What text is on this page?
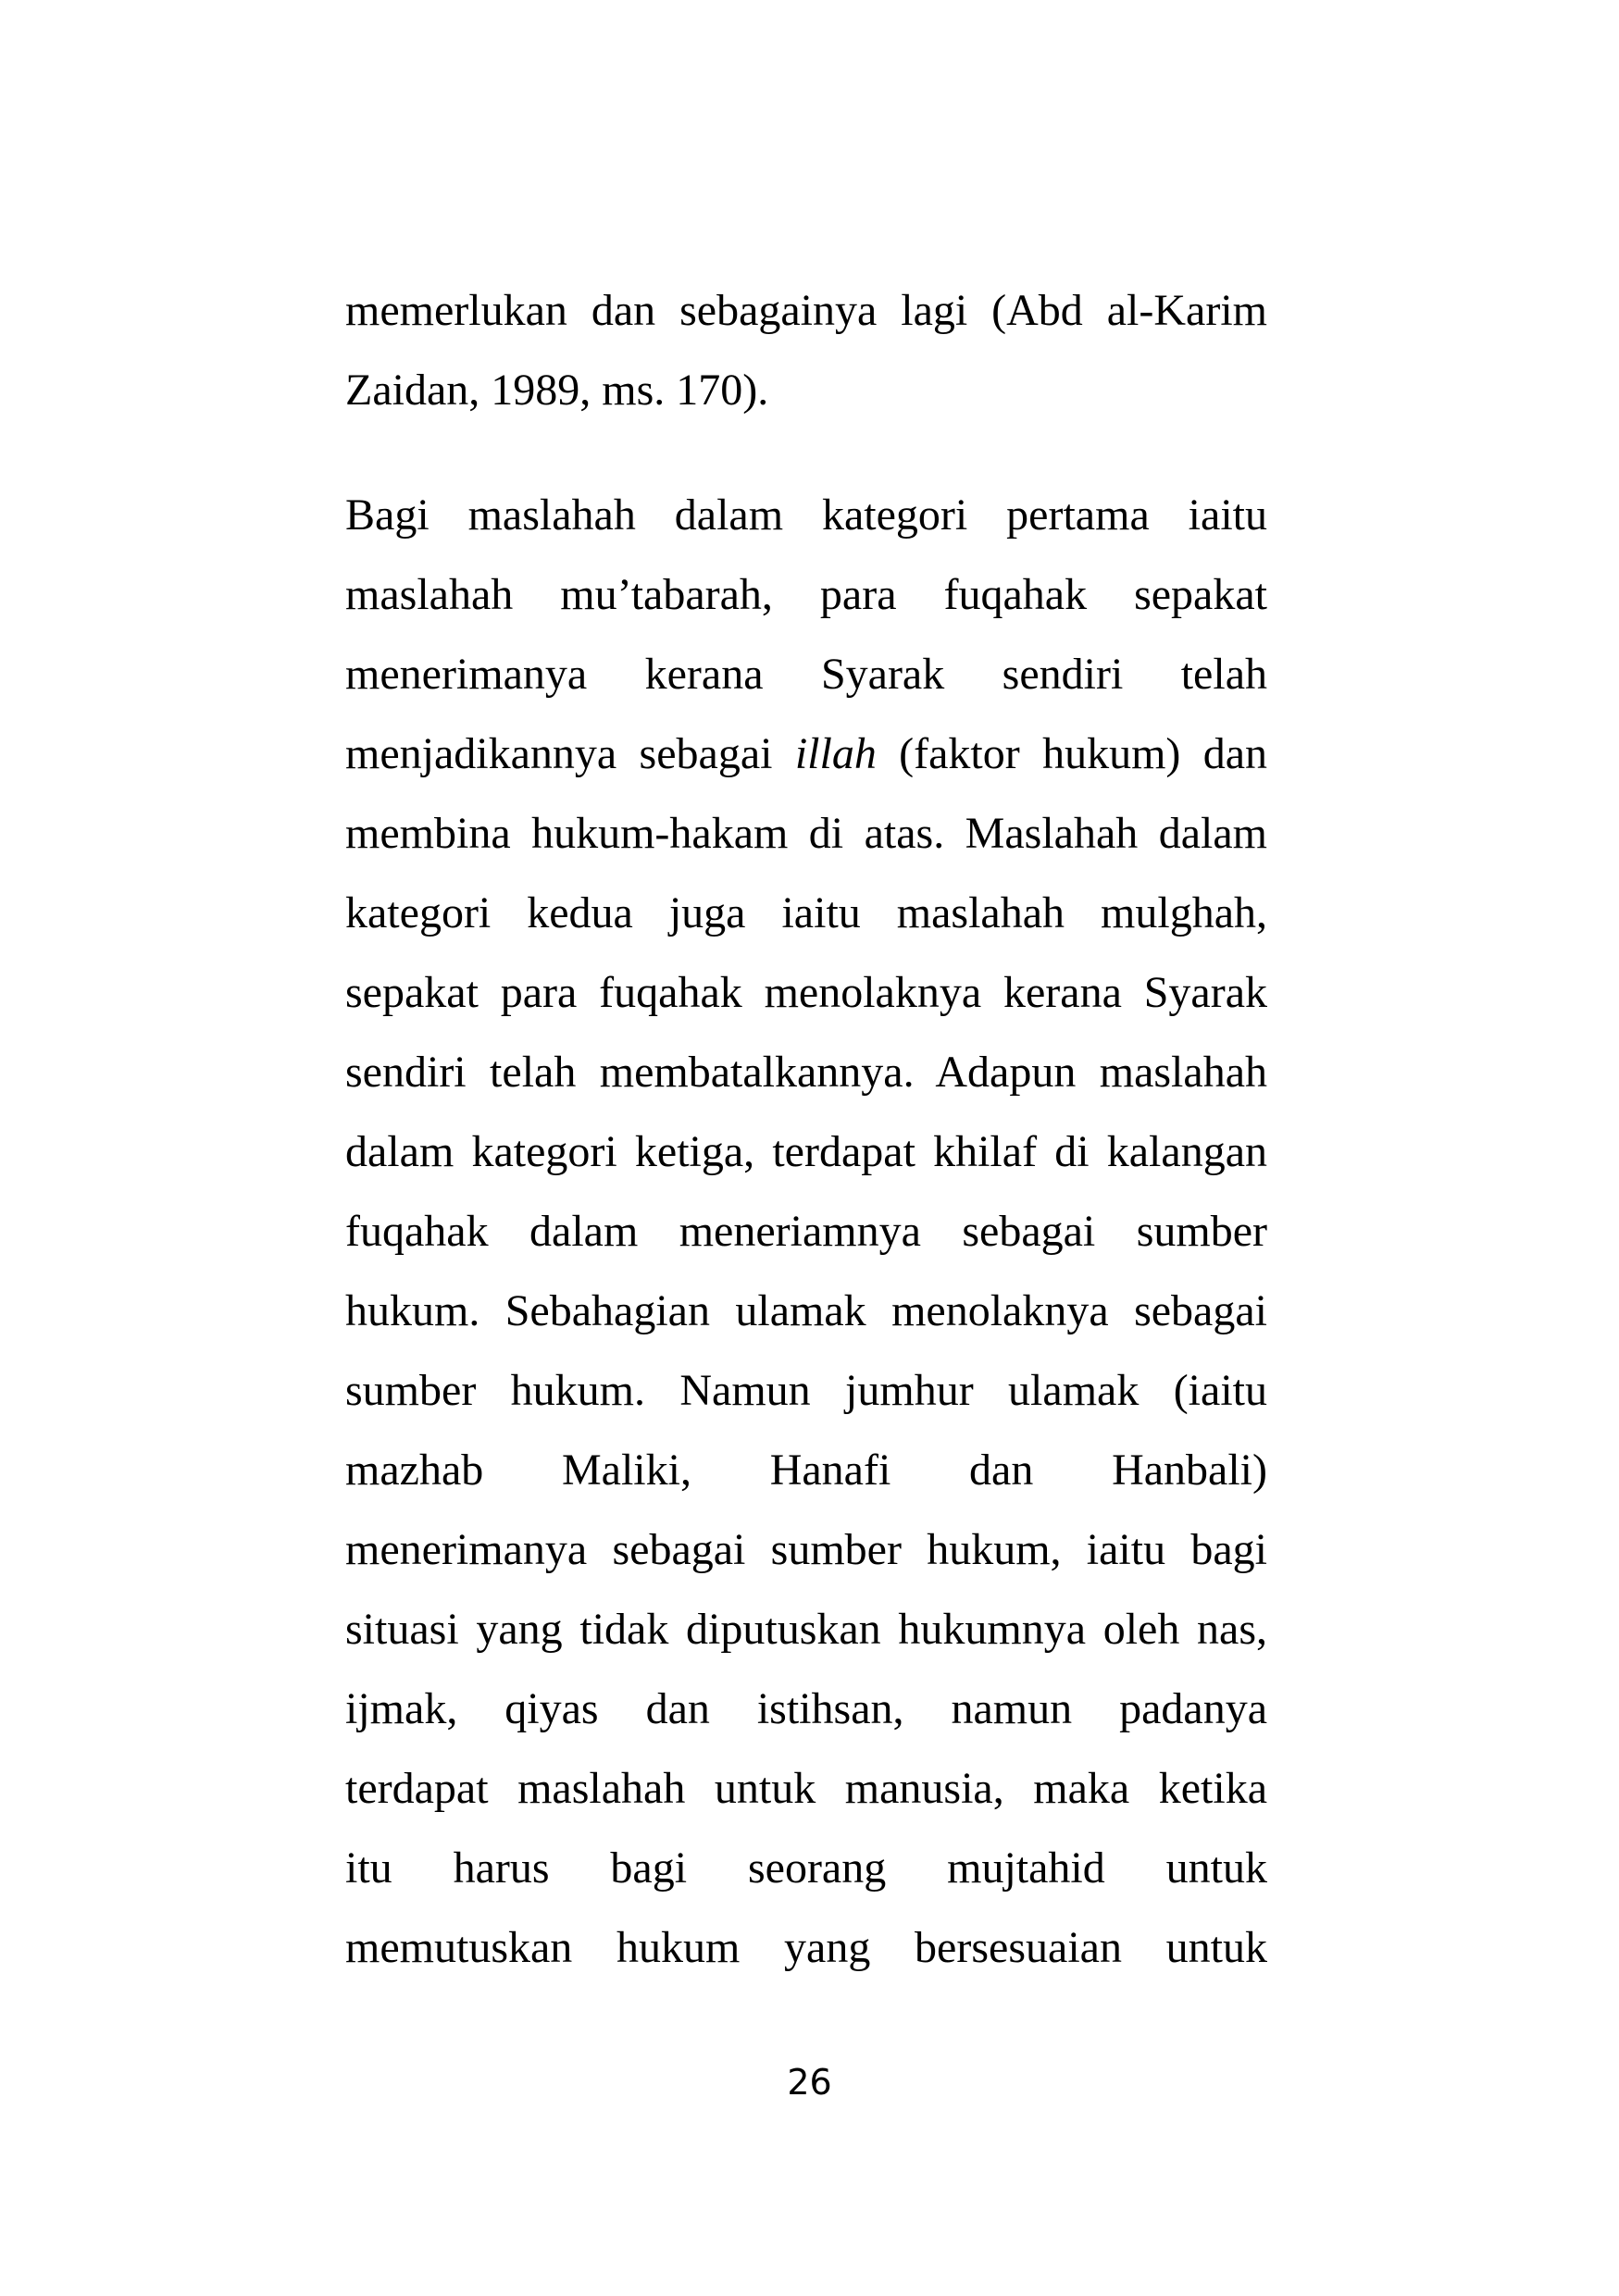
memerlukan dan sebagainya lagi (Abd al-Karim

Zaidan, 1989, ms. 170).

Bagi maslahah dalam kategori pertama iaitu

maslahah mu’tabarah, para fuqahak sepakat

menerimanya kerana Syarak sendiri telah

menjadikannya sebagai illah (faktor hukum) dan

membina hukum-hakam di atas. Maslahah dalam

kategori kedua juga iaitu maslahah mulghah,

sepakat para fuqahak menolaknya kerana Syarak

sendiri telah membatalkannya. Adapun maslahah

dalam kategori ketiga, terdapat khilaf di kalangan

fuqahak dalam meneriamnya sebagai sumber

hukum. Sebahagian ulamak menolaknya sebagai

sumber hukum. Namun jumhur ulamak (iaitu

mazhab Maliki, Hanafi dan Hanbali)

menerimanya sebagai sumber hukum, iaitu bagi

situasi yang tidak diputuskan hukumnya oleh nas,

ijmak, qiyas dan istihsan, namun padanya

terdapat maslahah untuk manusia, maka ketika

itu harus bagi seorang mujtahid untuk

memutuskan hukum yang bersesuaian untuk

26
